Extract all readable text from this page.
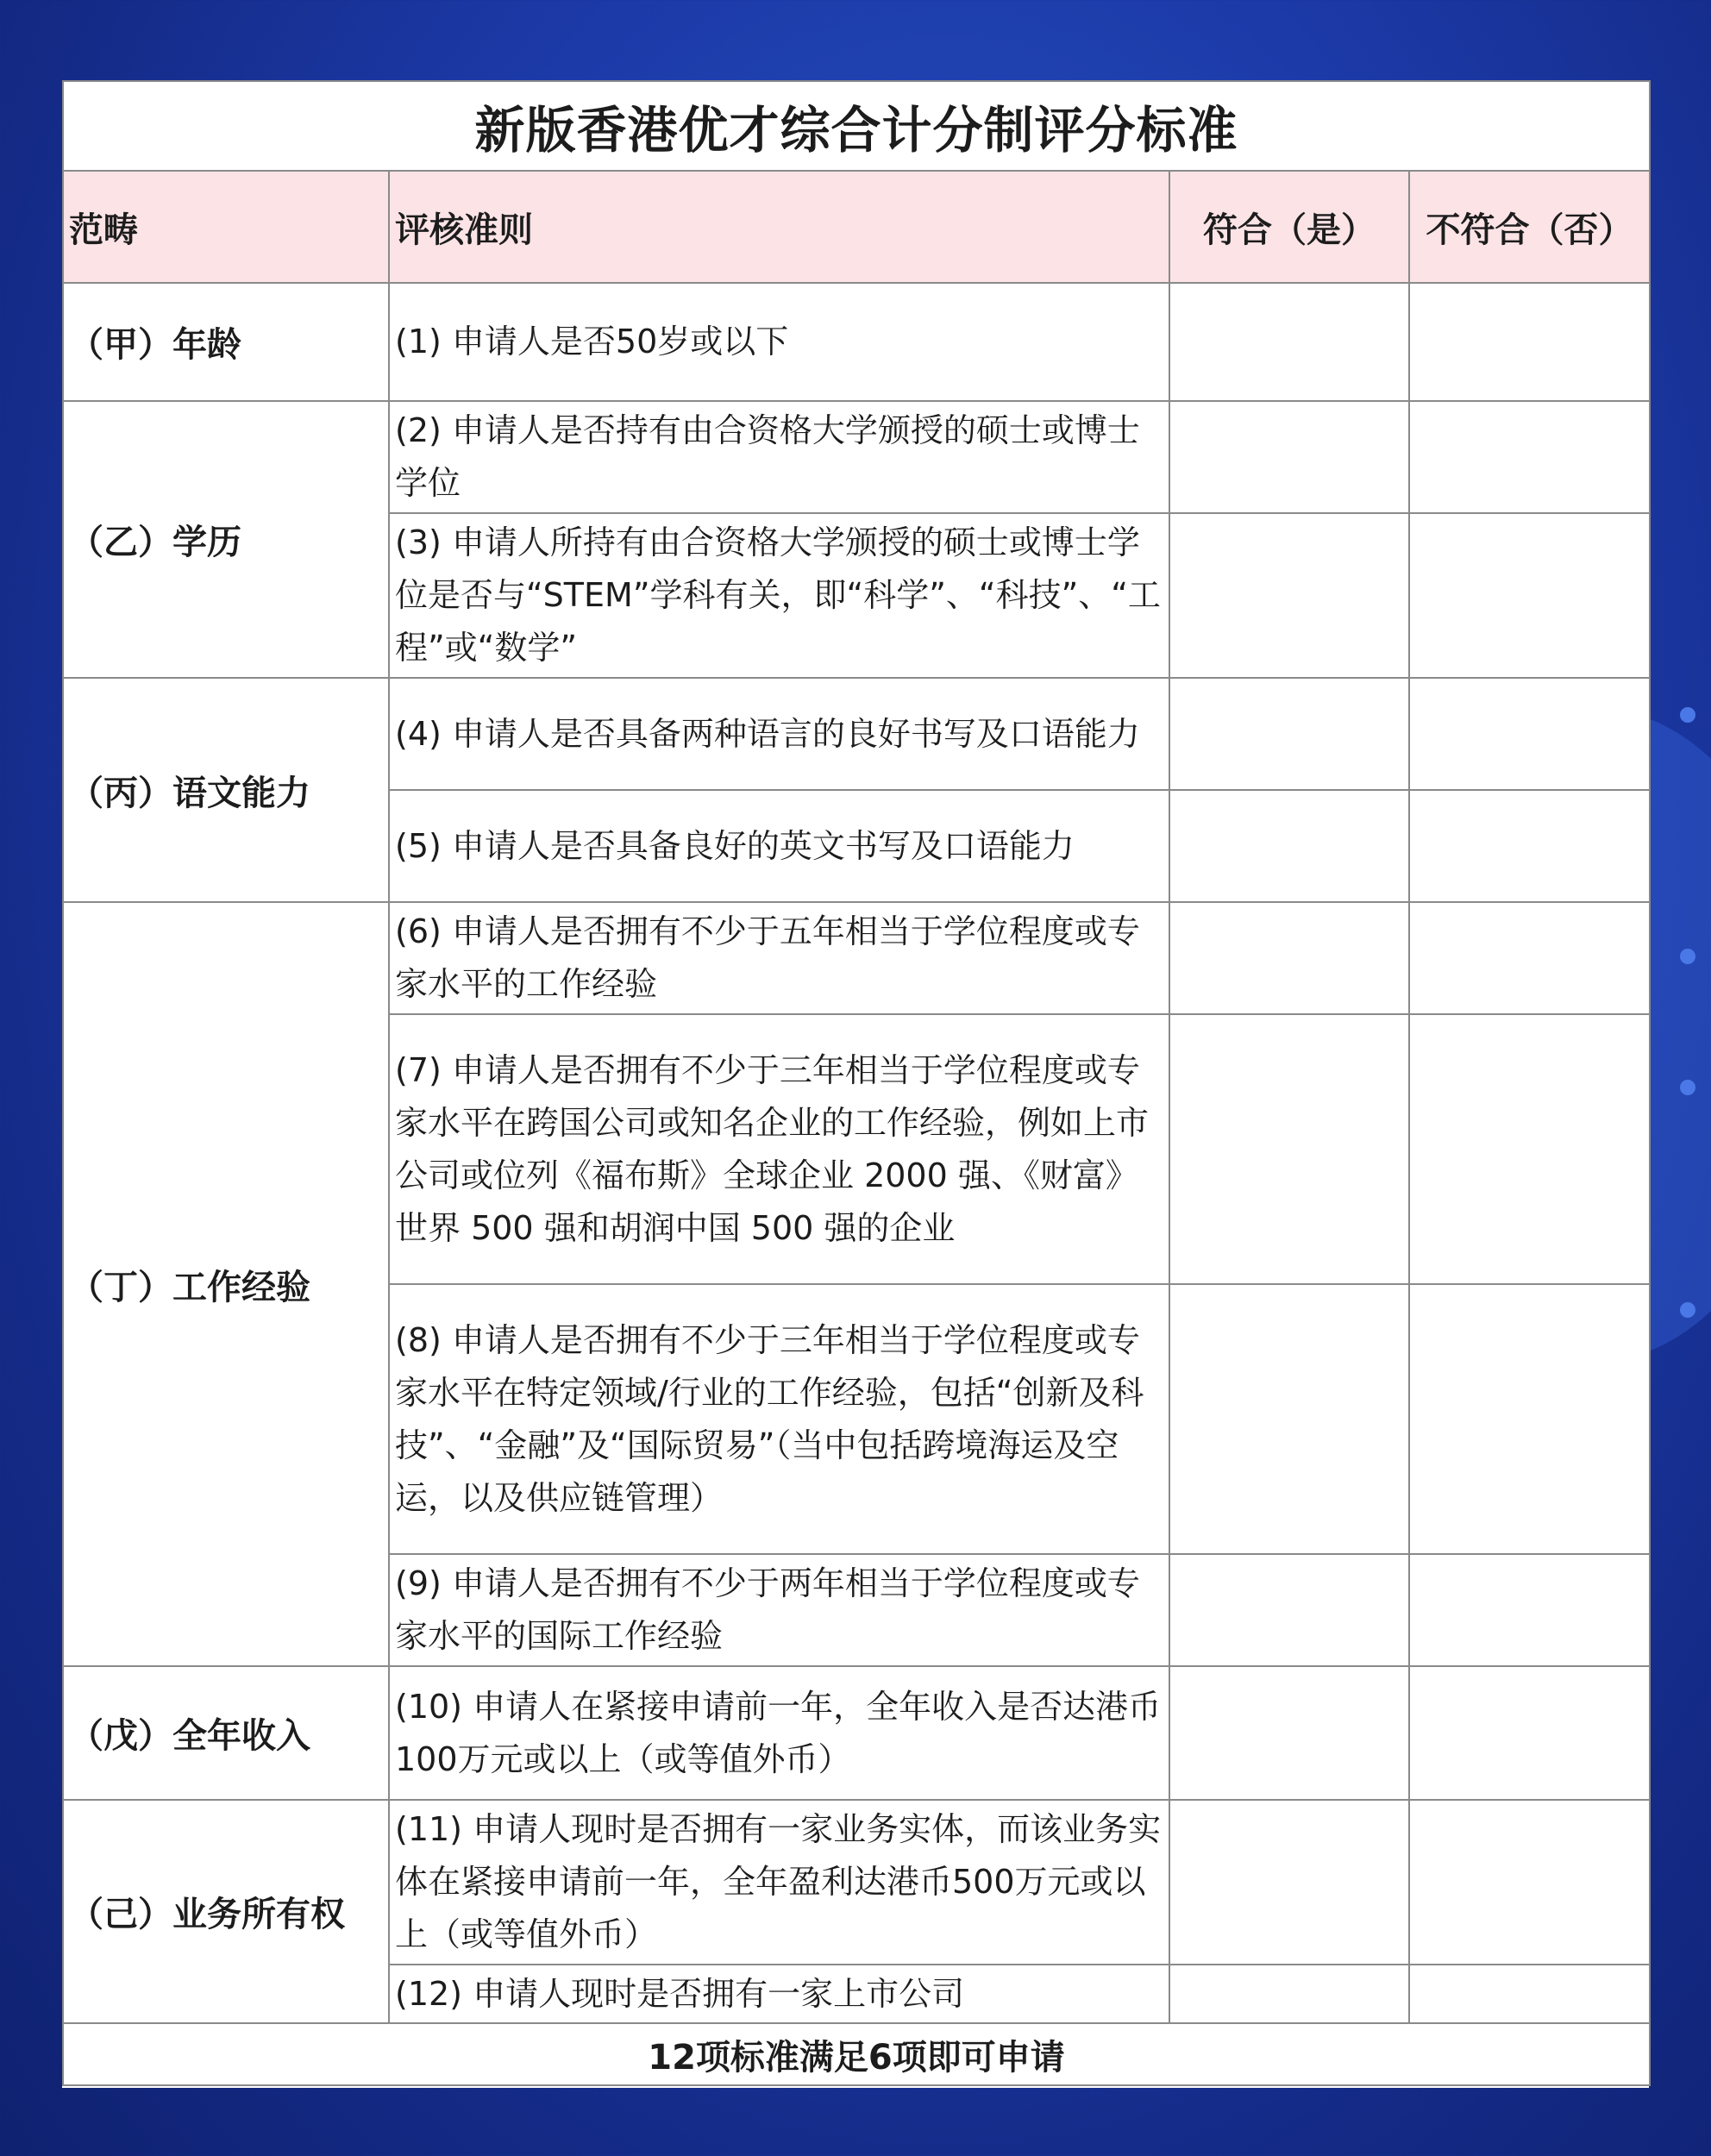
新版香港优才综合计分制评分标准			
范畴	评核准则	符合（是）	不符合（否）
（甲）年龄	(1) 申请人是否50岁或以下		
（乙）学历	(2) 申请人是否持有由合资格大学颁授的硕士或博士学位		
	(3) 申请人所持有由合资格大学颁授的硕士或博士学位是否与“STEM”学科有关，即“科学”、“科技”、“工程”或“数学”		
（丙）语文能力	(4) 申请人是否具备两种语言的良好书写及口语能力		
	(5) 申请人是否具备良好的英文书写及口语能力		
（丁）工作经验	(6) 申请人是否拥有不少于五年相当于学位程度或专家水平的工作经验		
	(7) 申请人是否拥有不少于三年相当于学位程度或专家水平在跨国公司或知名企业的工作经验，例如上市公司或位列《福布斯》全球企业 2000 强、《财富》世界 500 强和胡润中国 500 强的企业		
	(8) 申请人是否拥有不少于三年相当于学位程度或专家水平在特定领域/行业的工作经验，包括“创新及科技”、“金融”及“国际贸易”（当中包括跨境海运及空运，以及供应链管理）		
	(9) 申请人是否拥有不少于两年相当于学位程度或专家水平的国际工作经验		
（戊）全年收入	(10) 申请人在紧接申请前一年，全年收入是否达港币100万元或以上（或等值外币）		
（己）业务所有权	(11) 申请人现时是否拥有一家业务实体，而该业务实体在紧接申请前一年，全年盈利达港币500万元或以上（或等值外币）		
	(12) 申请人现时是否拥有一家上市公司		
12项标准满足6项即可申请			
